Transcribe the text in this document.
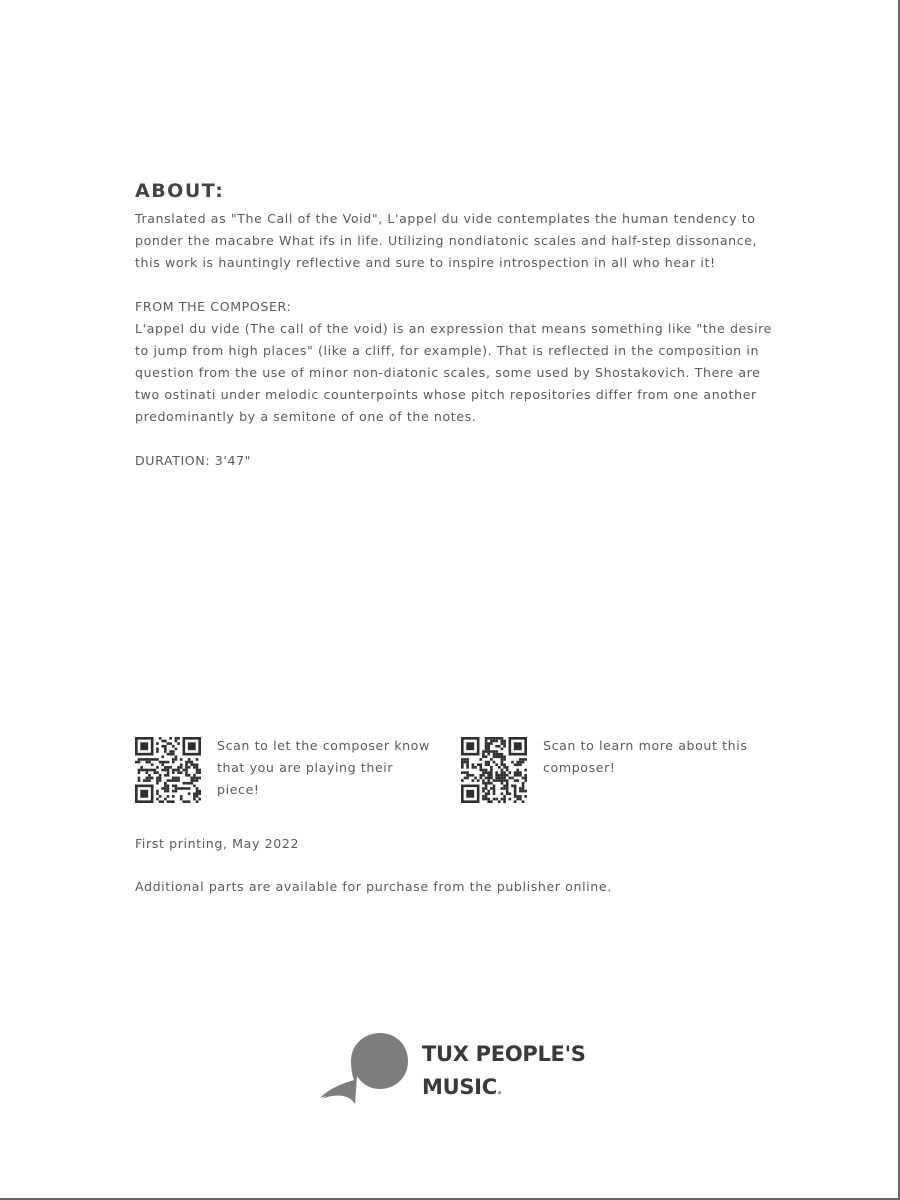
ABOUT:

Translated as "The Call of the Void", L'appel du vide contemplates the human tendency to ponder the macabre What ifs in life. Utilizing nondiatonic scales and half-step dissonance, this work is hauntingly reflective and sure to inspire introspection in all who hear it!

FROM THE COMPOSER:

L'appel du vide (The call of the void) is an expression that means something like "the desire to jump from high places" (like a cliff, for example). That is reflected in the composition in question from the use of minor non-diatonic scales, some used by Shostakovich. There are two ostinati under melodic counterpoints whose pitch repositories differ from one another predominantly by a semitone of one of the notes.

DURATION: 3'47"

Scan to let the composer know that you are playing their piece!
Scan to learn more about this composer!

First printing, May 2022

Additional parts are available for purchase from the publisher online.

TUX PEOPLE'S
MUSIC.
